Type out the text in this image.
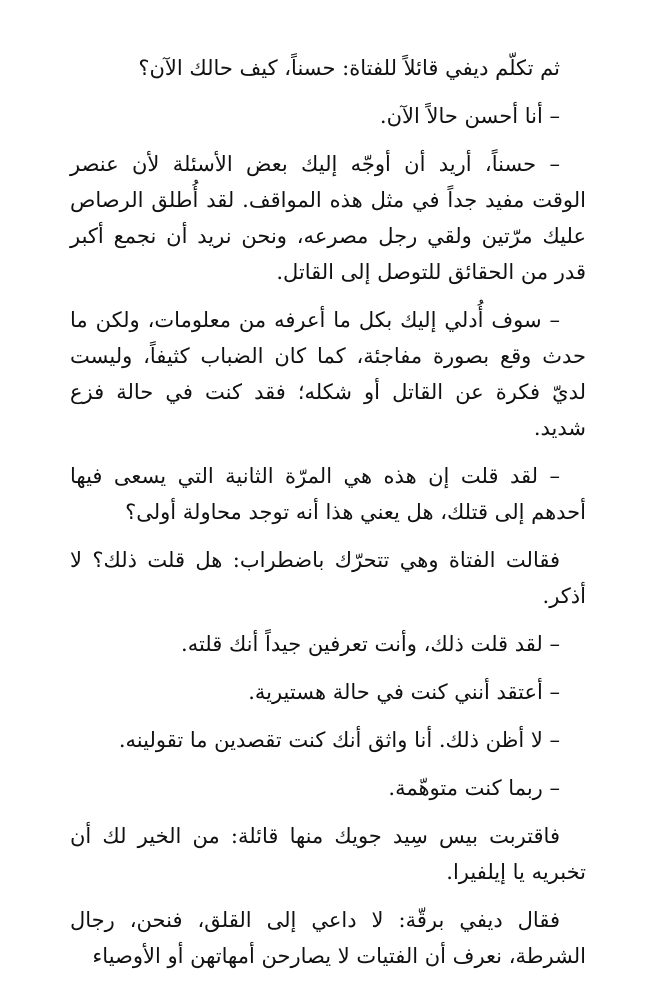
ثم تكلّم ديفي قائلاً للفتاة: حسناً، كيف حالك الآن؟

– أنا أحسن حالاً الآن.

– حسناً، أريد أن أوجّه إليك بعض الأسئلة لأن عنصر الوقت مفيد جداً في مثل هذه المواقف. لقد أُطلق الرصاص عليك مرّتين ولقي رجل مصرعه، ونحن نريد أن نجمع أكبر قدر من الحقائق للتوصل إلى القاتل.

– سوف أُدلي إليك بكل ما أعرفه من معلومات، ولكن ما حدث وقع بصورة مفاجئة، كما كان الضباب كثيفاً، وليست لديّ فكرة عن القاتل أو شكله؛ فقد كنت في حالة فزع شديد.

– لقد قلت إن هذه هي المرّة الثانية التي يسعى فيها أحدهم إلى قتلك، هل يعني هذا أنه توجد محاولة أولى؟

فقالت الفتاة وهي تتحرّك باضطراب: هل قلت ذلك؟ لا أذكر.

– لقد قلت ذلك، وأنت تعرفين جيداً أنك قلته.

– أعتقد أنني كنت في حالة هستيرية.

– لا أظن ذلك. أنا واثق أنك كنت تقصدين ما تقولينه.

– ربما كنت متوهّمة.

فاقتربت بيس سِيد جويك منها قائلة: من الخير لك أن تخبريه يا إيلفيرا.

فقال ديفي برقّة: لا داعي إلى القلق، فنحن، رجال الشرطة، نعرف أن الفتيات لا يصارحن أمهاتهن أو الأوصياء
